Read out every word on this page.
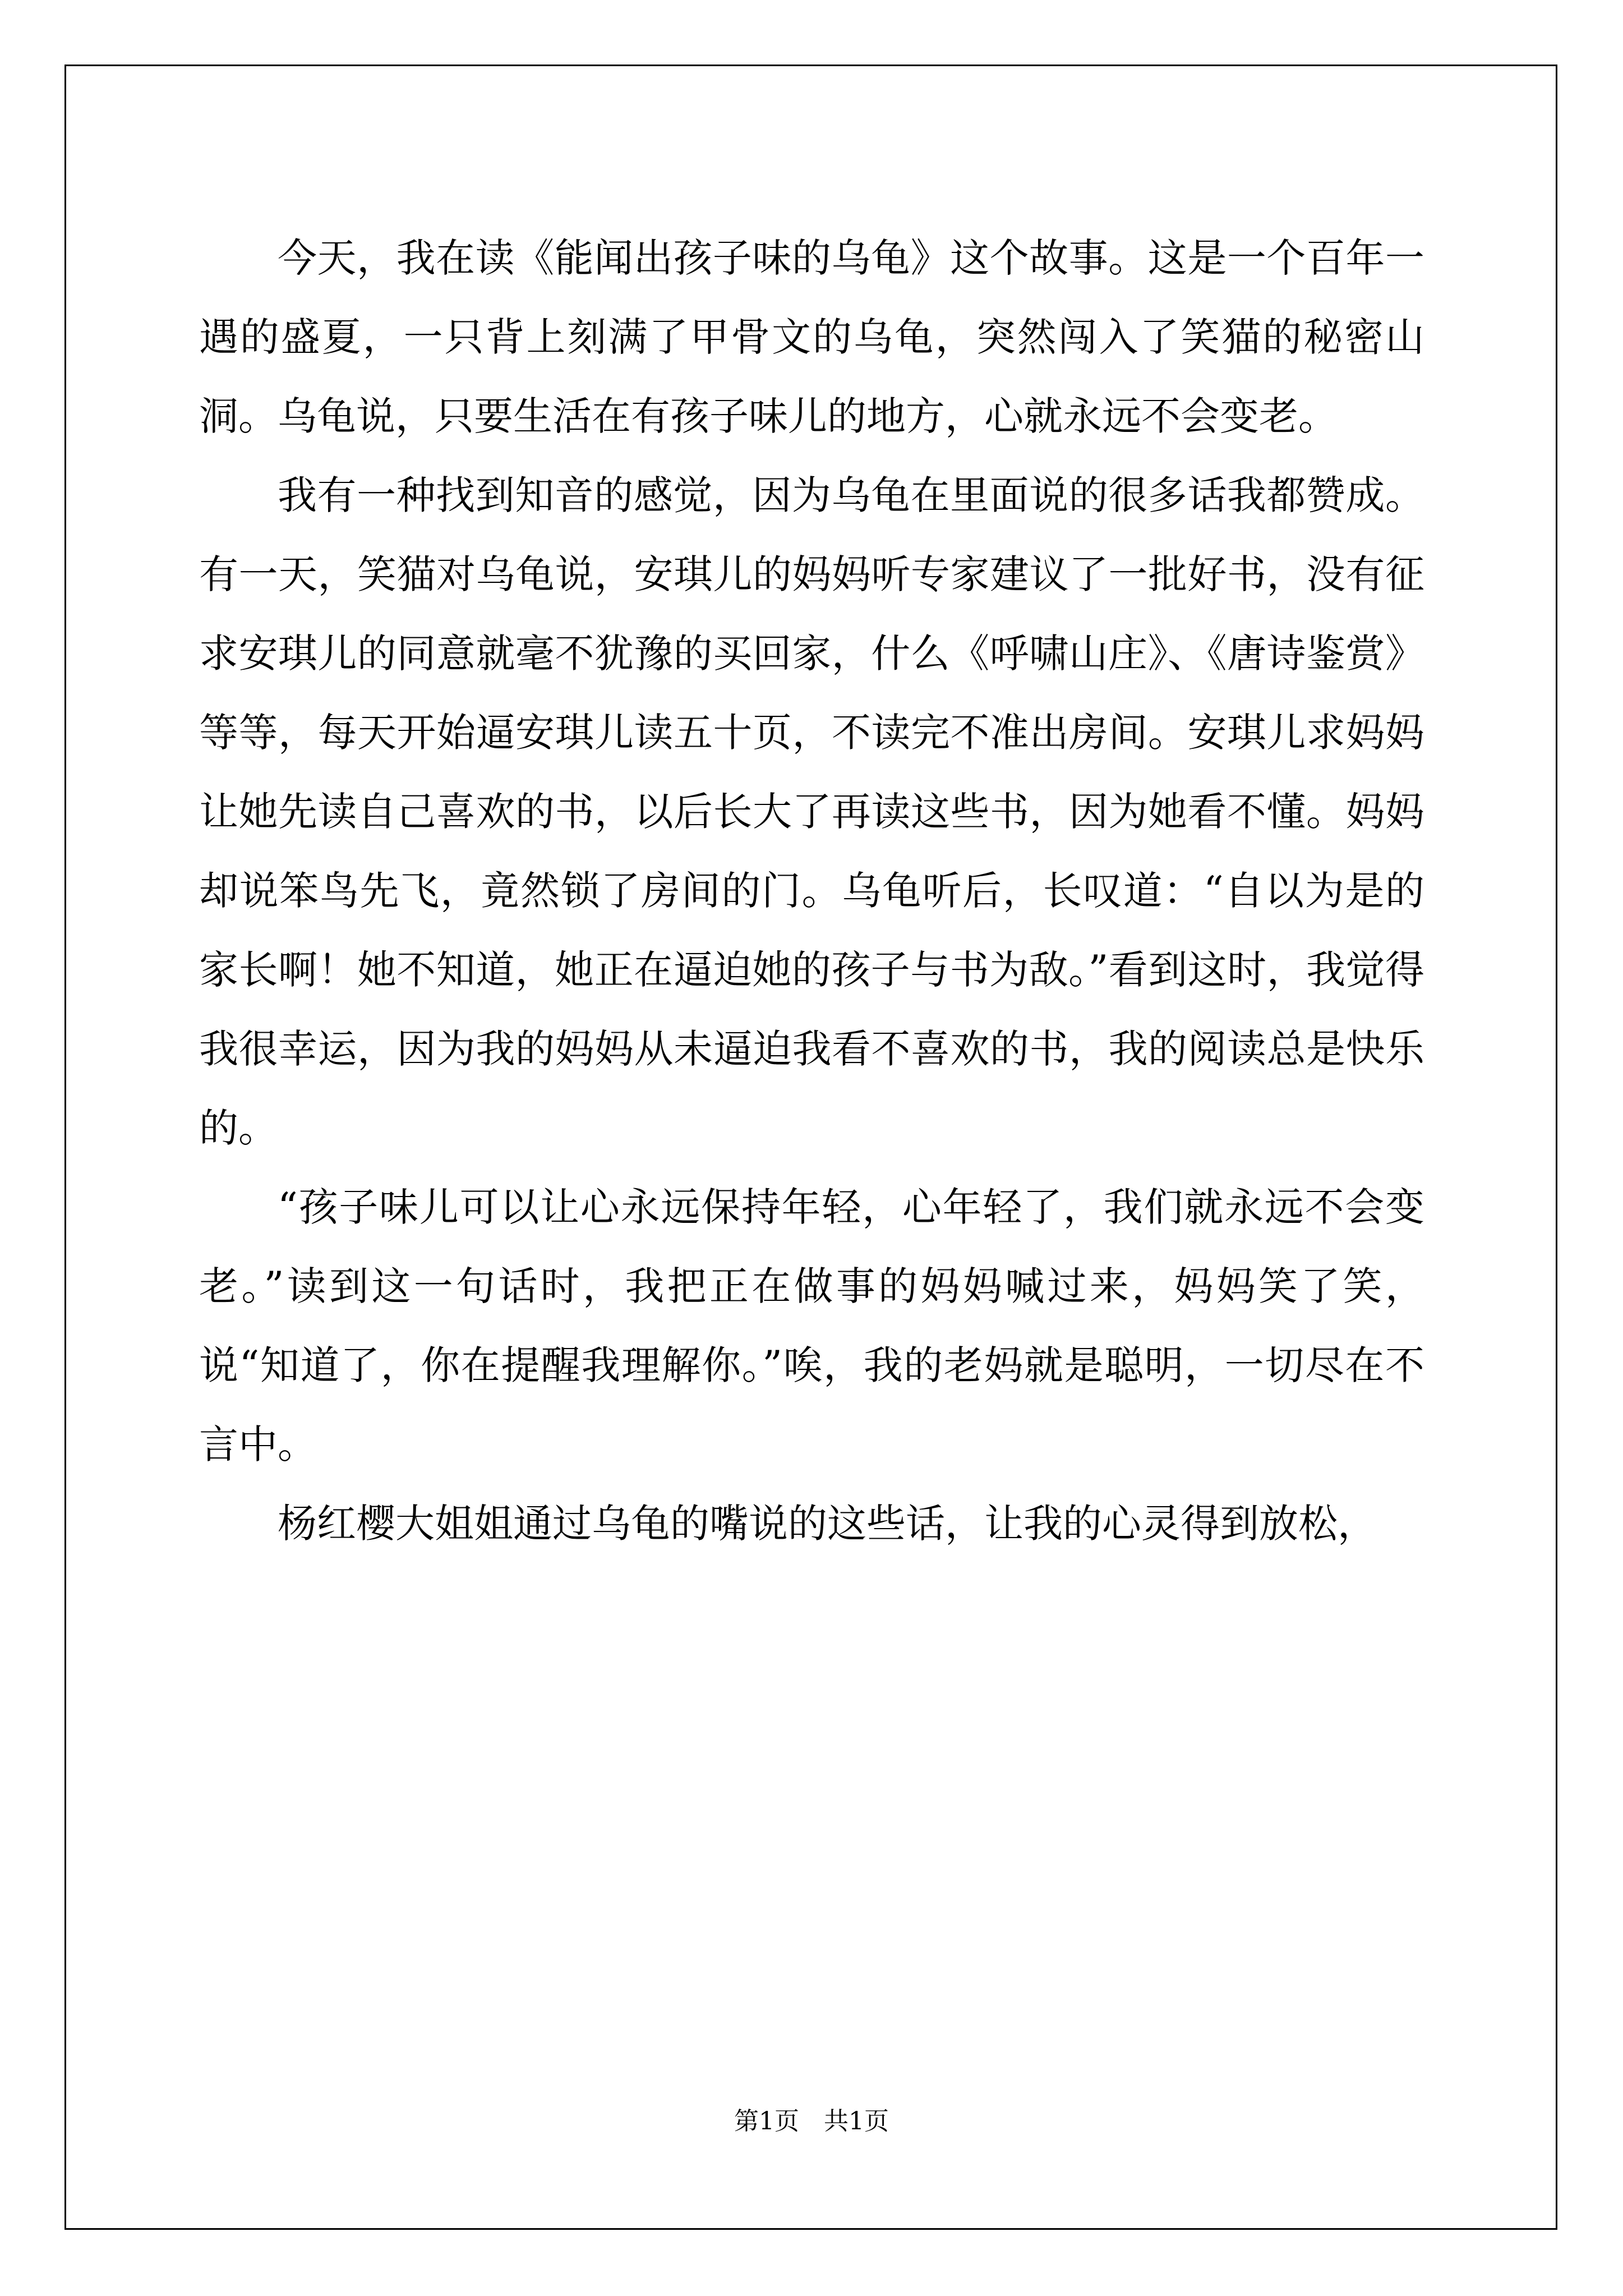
今天，我在读《能闻出孩子味的乌龟》这个故事。这是一个百年一遇的盛夏，一只背上刻满了甲骨文的乌龟，突然闯入了笑猫的秘密山洞。乌龟说，只要生活在有孩子味儿的地方，心就永远不会变老。

我有一种找到知音的感觉，因为乌龟在里面说的很多话我都赞成。有一天，笑猫对乌龟说，安琪儿的妈妈听专家建议了一批好书，没有征求安琪儿的同意就毫不犹豫的买回家，什么《呼啸山庄》、《唐诗鉴赏》等等，每天开始逼安琪儿读五十页，不读完不准出房间。安琪儿求妈妈让她先读自己喜欢的书，以后长大了再读这些书，因为她看不懂。妈妈却说笨鸟先飞，竟然锁了房间的门。乌龟听后，长叹道：“自以为是的家长啊！她不知道，她正在逼迫她的孩子与书为敌。”看到这时，我觉得我很幸运，因为我的妈妈从未逼迫我看不喜欢的书，我的阅读总是快乐的。

“孩子味儿可以让心永远保持年轻，心年轻了，我们就永远不会变老。”读到这一句话时，我把正在做事的妈妈喊过来，妈妈笑了笑，说“知道了，你在提醒我理解你。”唉，我的老妈就是聪明，一切尽在不言中。

杨红樱大姐姐通过乌龟的嘴说的这些话，让我的心灵得到放松，

第1页　共1页
